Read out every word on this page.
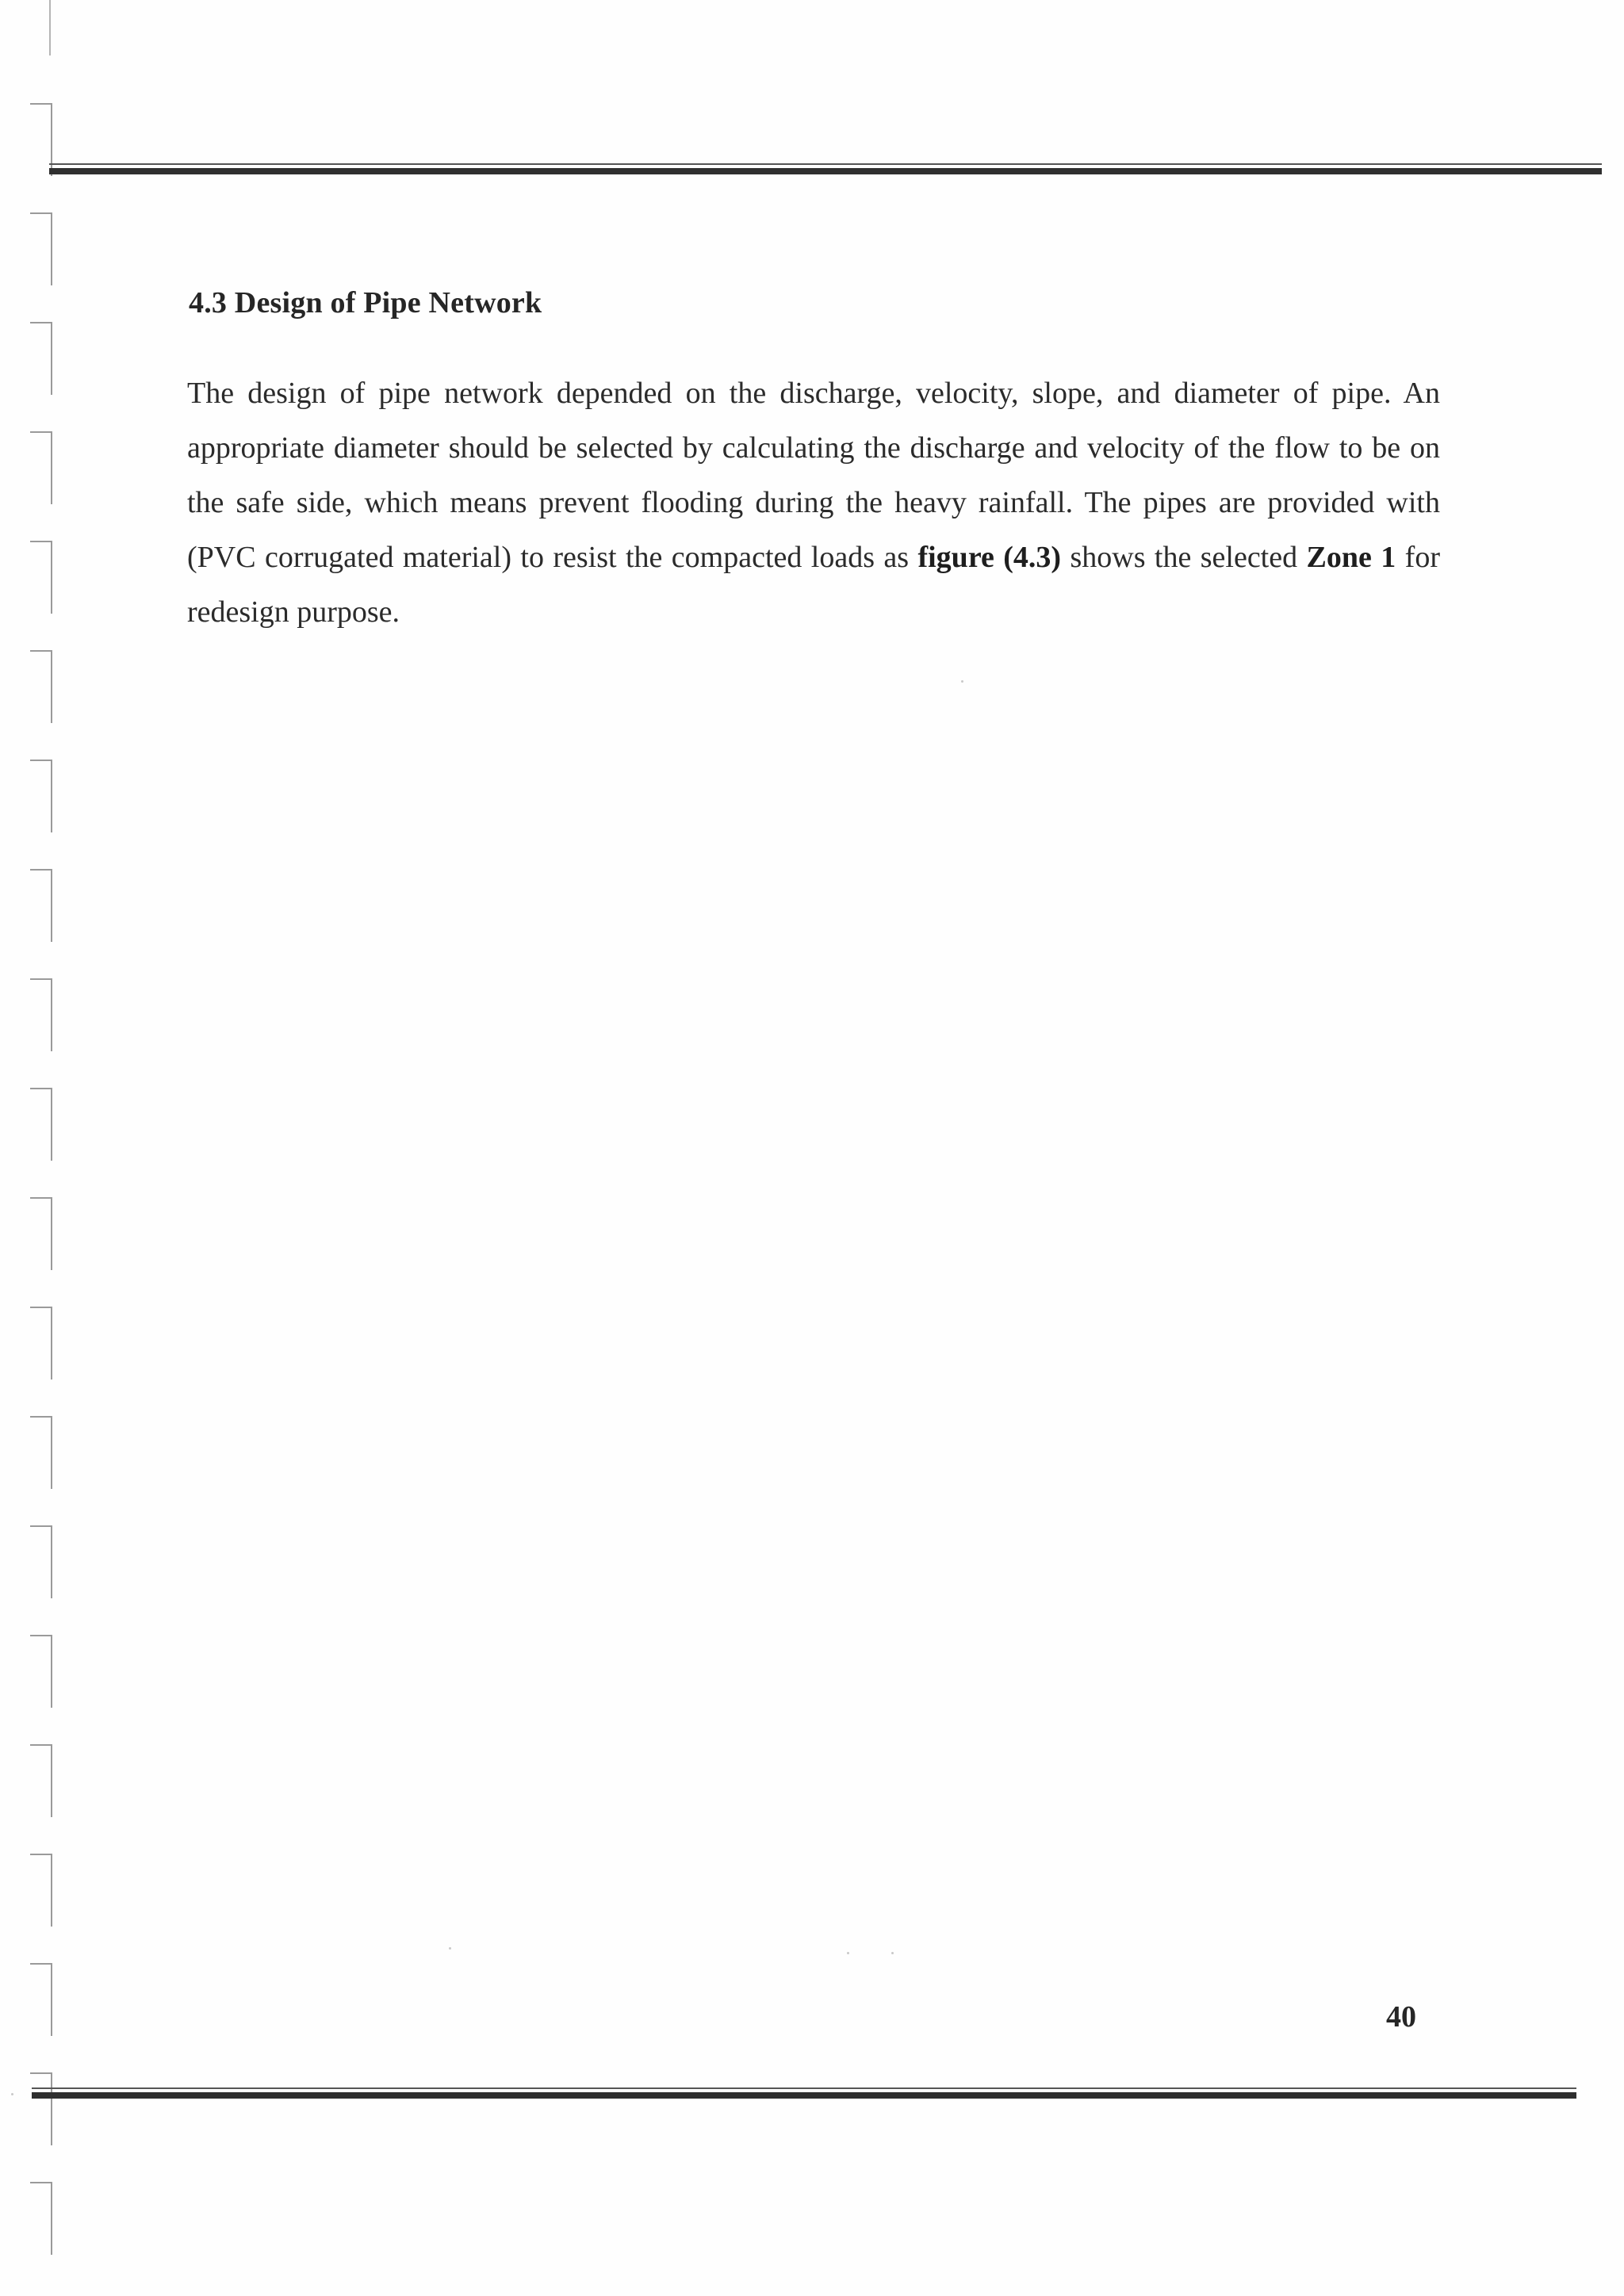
4.3 Design of Pipe Network

The design of pipe network depended on the discharge, velocity, slope, and diameter of pipe. An appropriate diameter should be selected by calculating the discharge and velocity of the flow to be on the safe side, which means prevent flooding during the heavy rainfall. The pipes are provided with (PVC corrugated material) to resist the compacted loads as figure (4.3) shows the selected Zone 1 for redesign purpose.

40
